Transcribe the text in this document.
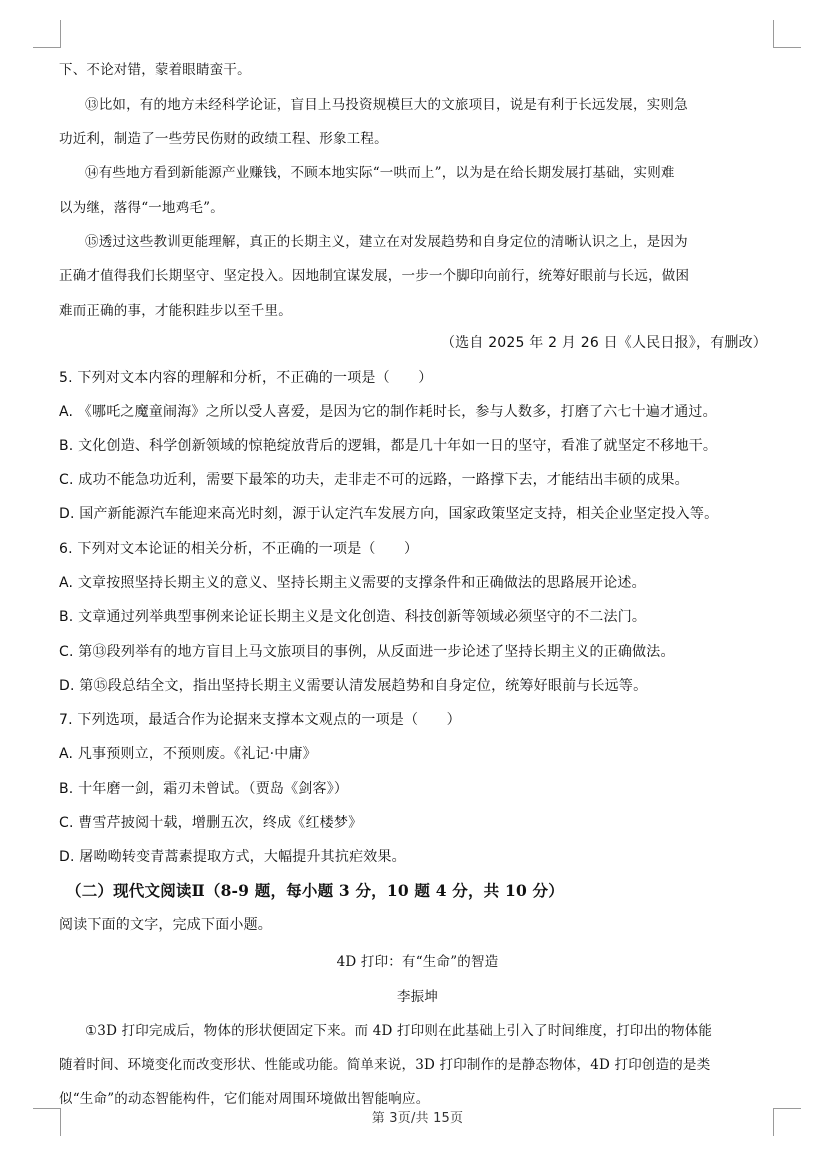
下、不论对错，蒙着眼睛蛮干。
⑬比如，有的地方未经科学论证，盲目上马投资规模巨大的文旅项目，说是有利于长远发展，实则急
功近利，制造了一些劳民伤财的政绩工程、形象工程。
⑭有些地方看到新能源产业赚钱，不顾本地实际“一哄而上”，以为是在给长期发展打基础，实则难
以为继，落得“一地鸡毛”。
⑮透过这些教训更能理解，真正的长期主义，建立在对发展趋势和自身定位的清晰认识之上，是因为
正确才值得我们长期坚守、坚定投入。因地制宜谋发展，一步一个脚印向前行，统筹好眼前与长远，做困
难而正确的事，才能积跬步以至千里。
（选自 2025 年 2 月 26 日《人民日报》，有删改）
5. 下列对文本内容的理解和分析，不正确的一项是（　　）
A. 《哪吒之魔童闹海》之所以受人喜爱，是因为它的制作耗时长，参与人数多，打磨了六七十遍才通过。
B. 文化创造、科学创新领域的惊艳绽放背后的逻辑，都是几十年如一日的坚守，看准了就坚定不移地干。
C. 成功不能急功近利，需要下最笨的功夫，走非走不可的远路，一路撑下去，才能结出丰硕的成果。
D. 国产新能源汽车能迎来高光时刻，源于认定汽车发展方向，国家政策坚定支持，相关企业坚定投入等。
6. 下列对文本论证的相关分析，不正确的一项是（　　）
A. 文章按照坚持长期主义的意义、坚持长期主义需要的支撑条件和正确做法的思路展开论述。
B. 文章通过列举典型事例来论证长期主义是文化创造、科技创新等领域必须坚守的不二法门。
C. 第⑬段列举有的地方盲目上马文旅项目的事例，从反面进一步论述了坚持长期主义的正确做法。
D. 第⑮段总结全文，指出坚持长期主义需要认清发展趋势和自身定位，统筹好眼前与长远等。
7. 下列选项，最适合作为论据来支撑本文观点的一项是（　　）
A. 凡事预则立，不预则废。《礼记·中庸》
B. 十年磨一剑，霜刃未曾试。（贾岛《剑客》）
C. 曹雪芹披阅十载，增删五次，终成《红楼梦》
D. 屠呦呦转变青蒿素提取方式，大幅提升其抗疟效果。
（二）现代文阅读Ⅱ（8-9 题，每小题 3 分，10 题 4 分，共 10 分）
阅读下面的文字，完成下面小题。
4D 打印：有“生命”的智造
李振坤
①3D 打印完成后，物体的形状便固定下来。而 4D 打印则在此基础上引入了时间维度，打印出的物体能
随着时间、环境变化而改变形状、性能或功能。简单来说，3D 打印制作的是静态物体，4D 打印创造的是类
似“生命”的动态智能构件，它们能对周围环境做出智能响应。
第 3页/共 15页
